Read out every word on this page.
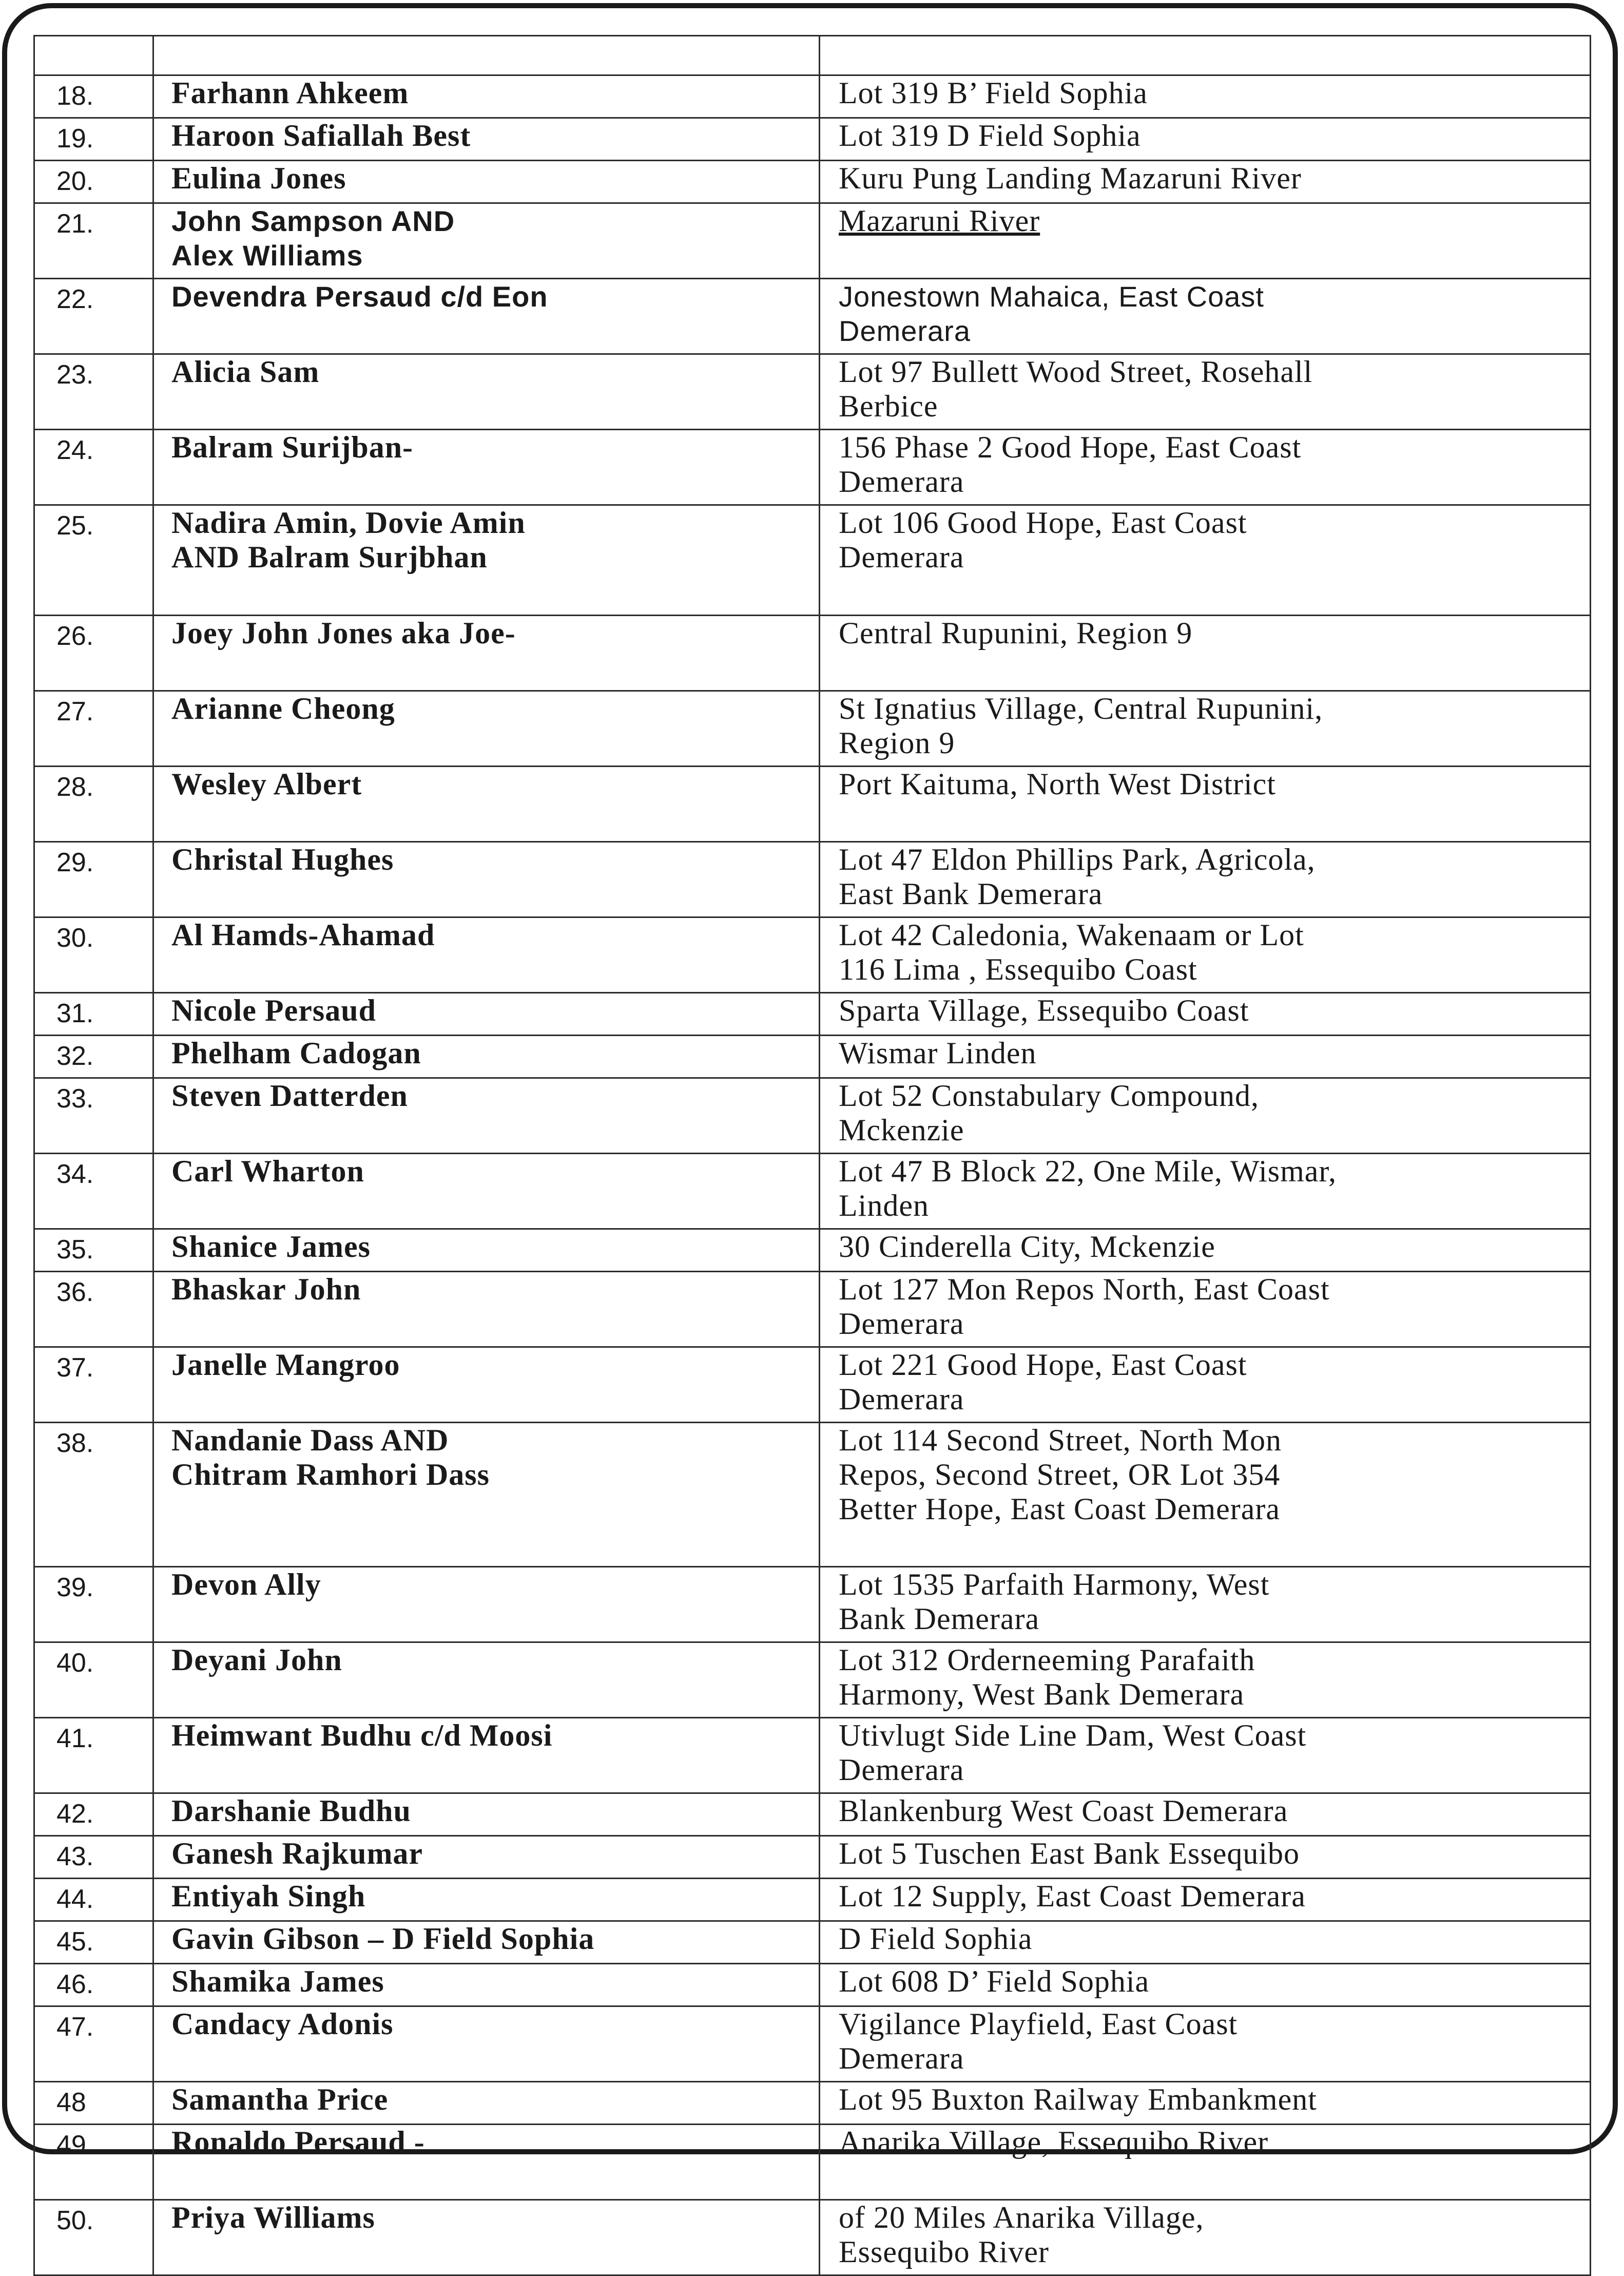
18.	Farhann Ahkeem	Lot 319 B’ Field Sophia

19.	Haroon Safiallah Best	Lot 319 D Field Sophia

20.	Eulina Jones	Kuru Pung Landing Mazaruni River

21.	John Sampson AND
Alex Williams	Mazaruni River

22.	Devendra Persaud c/d Eon	Jonestown Mahaica, East Coast
Demerara

23.	Alicia Sam	Lot 97 Bullett Wood Street, Rosehall
Berbice

24.	Balram Surijban-	156 Phase 2 Good Hope, East Coast
Demerara

25.	Nadira Amin, Dovie Amin
AND Balram Surjbhan	Lot 106 Good Hope, East Coast
Demerara

26.	Joey John Jones aka Joe-	Central Rupunini, Region 9

27.	Arianne Cheong	St Ignatius Village, Central Rupunini,
Region 9

28.	Wesley Albert	Port Kaituma, North West District

29.	Christal Hughes	Lot 47 Eldon Phillips Park, Agricola,
East Bank Demerara

30.	Al Hamds-Ahamad	Lot 42 Caledonia, Wakenaam or Lot
116 Lima , Essequibo Coast

31.	Nicole Persaud	Sparta Village, Essequibo Coast

32.	Phelham Cadogan	Wismar Linden

33.	Steven Datterden	Lot 52 Constabulary Compound,
Mckenzie

34.	Carl Wharton	Lot 47 B Block 22, One Mile, Wismar,
Linden

35.	Shanice James	30 Cinderella City, Mckenzie

36.	Bhaskar John	Lot 127 Mon Repos North, East Coast
Demerara

37.	Janelle Mangroo	Lot 221 Good Hope, East Coast
Demerara

38.	Nandanie Dass AND
Chitram Ramhori Dass	Lot 114 Second Street, North Mon
Repos, Second Street, OR Lot 354
Better Hope, East Coast Demerara

39.	Devon Ally	Lot 1535 Parfaith Harmony, West
Bank Demerara

40.	Deyani John	Lot 312 Orderneeming Parafaith
Harmony, West Bank Demerara

41.	Heimwant Budhu c/d Moosi	Utivlugt Side Line Dam, West Coast
Demerara

42.	Darshanie Budhu	Blankenburg West Coast Demerara

43.	Ganesh Rajkumar	Lot 5 Tuschen East Bank Essequibo

44.	Entiyah Singh	Lot 12 Supply, East Coast Demerara

45.	Gavin Gibson – D Field Sophia	D Field Sophia

46.	Shamika James	Lot 608 D’ Field Sophia

47.	Candacy Adonis	Vigilance Playfield, East Coast
Demerara

48	Samantha Price	Lot 95 Buxton Railway Embankment

49.	Ronaldo Persaud -	Anarika Village, Essequibo River

50.	Priya Williams	of 20 Miles Anarika Village,
Essequibo River
